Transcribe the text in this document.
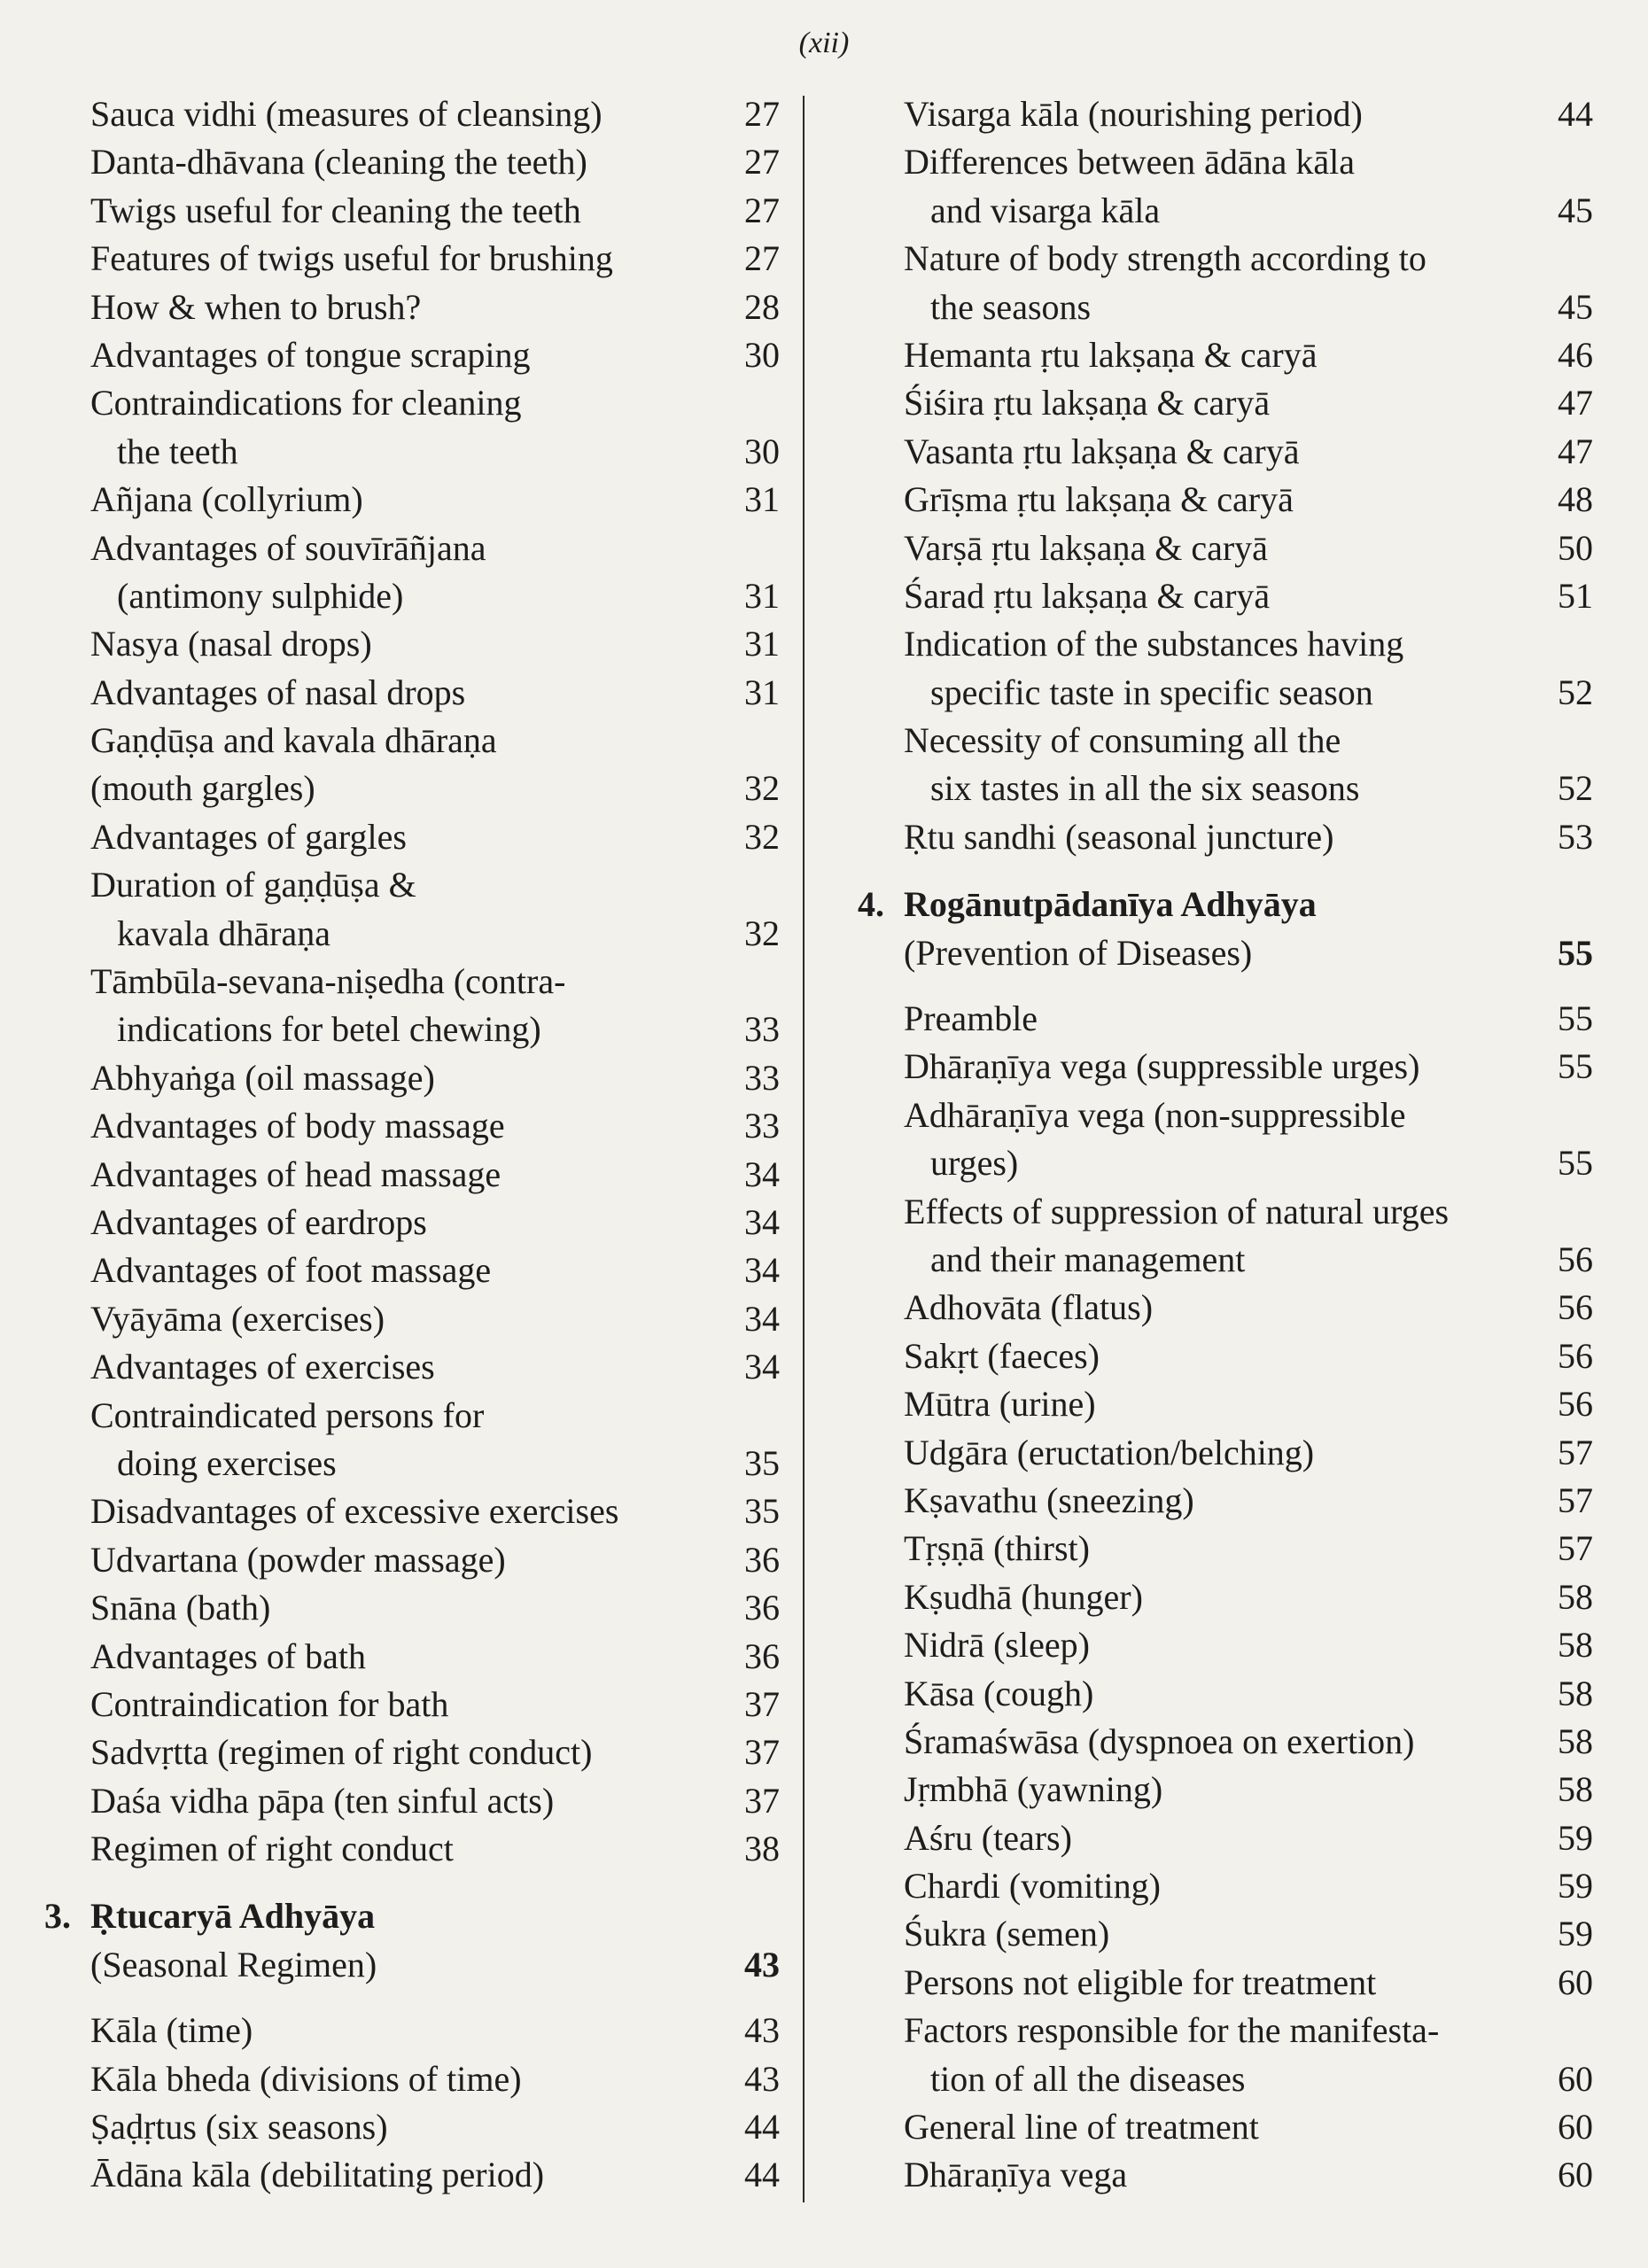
(xii)
Sauca vidhi (measures of cleansing)	27
Danta-dhāvana (cleaning the teeth)	27
Twigs useful for cleaning the teeth	27
Features of twigs useful for brushing	27
How & when to brush?	28
Advantages of tongue scraping	30
Contraindications for cleaning
the teeth	30
Añjana (collyrium)	31
Advantages of souvīrāñjana
(antimony sulphide)	31
Nasya (nasal drops)	31
Advantages of nasal drops	31
Gaṇḍūṣa and kavala dhāraṇa
(mouth gargles)	32
Advantages of gargles	32
Duration of gaṇḍūṣa &
kavala dhāraṇa	32
Tāmbūla-sevana-niṣedha (contra-
indications for betel chewing)	33
Abhyaṅga (oil massage)	33
Advantages of body massage	33
Advantages of head massage	34
Advantages of eardrops	34
Advantages of foot massage	34
Vyāyāma (exercises)	34
Advantages of exercises	34
Contraindicated persons for
doing exercises	35
Disadvantages of excessive exercises	35
Udvartana (powder massage)	36
Snāna (bath)	36
Advantages of bath	36
Contraindication for bath	37
Sadvṛtta (regimen of right conduct)	37
Daśa vidha pāpa (ten sinful acts)	37
Regimen of right conduct	38
3. Ṛtucaryā Adhyāya
(Seasonal Regimen)	43
Kāla (time)	43
Kāla bheda (divisions of time)	43
Ṣaḍṛtus (six seasons)	44
Ādāna kāla (debilitating period)	44
Visarga kāla (nourishing period)	44
Differences between ādāna kāla
and visarga kāla	45
Nature of body strength according to
the seasons	45
Hemanta ṛtu lakṣaṇa & caryā	46
Śiśira ṛtu lakṣaṇa & caryā	47
Vasanta ṛtu lakṣaṇa & caryā	47
Grīṣma ṛtu lakṣaṇa & caryā	48
Varṣā ṛtu lakṣaṇa & caryā	50
Śarad ṛtu lakṣaṇa & caryā	51
Indication of the substances having
specific taste in specific season	52
Necessity of consuming all the
six tastes in all the six seasons	52
Ṛtu sandhi (seasonal juncture)	53
4. Rogānutpādanīya Adhyāya
(Prevention of Diseases)	55
Preamble	55
Dhāraṇīya vega (suppressible urges)	55
Adhāraṇīya vega (non-suppressible
urges)	55
Effects of suppression of natural urges
and their management	56
Adhovāta (flatus)	56
Sakṛt (faeces)	56
Mūtra (urine)	56
Udgāra (eructation/belching)	57
Kṣavathu (sneezing)	57
Tṛṣṇā (thirst)	57
Kṣudhā (hunger)	58
Nidrā (sleep)	58
Kāsa (cough)	58
Śramaśwāsa (dyspnoea on exertion)	58
Jṛmbhā (yawning)	58
Aśru (tears)	59
Chardi (vomiting)	59
Śukra (semen)	59
Persons not eligible for treatment	60
Factors responsible for the manifesta-
tion of all the diseases	60
General line of treatment	60
Dhāraṇīya vega	60
